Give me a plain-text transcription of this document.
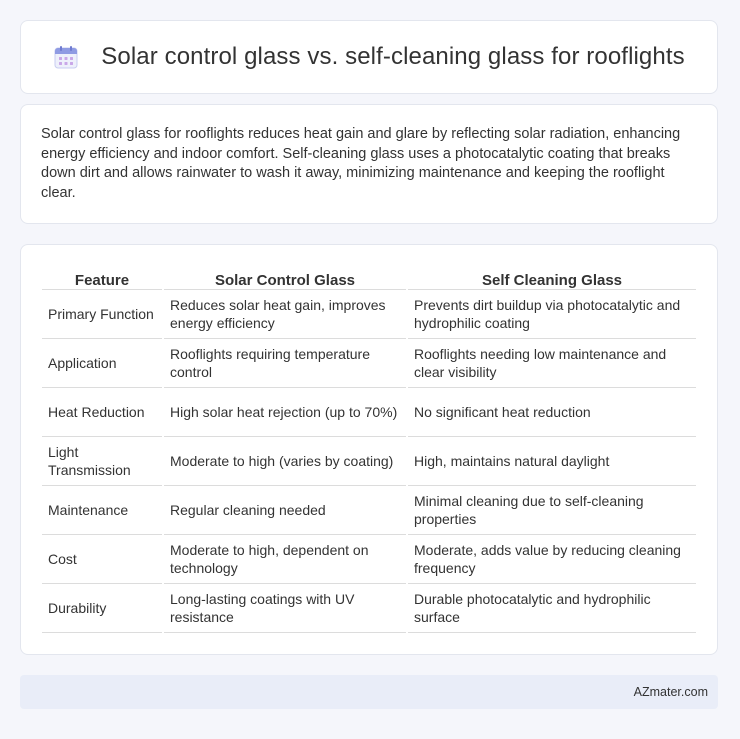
Solar control glass vs. self-cleaning glass for rooflights

Solar control glass for rooflights reduces heat gain and glare by reflecting solar radiation, enhancing energy efficiency and indoor comfort. Self-cleaning glass uses a photocatalytic coating that breaks down dirt and allows rainwater to wash it away, minimizing maintenance and keeping the rooflight clear.

Feature	Solar Control Glass	Self Cleaning Glass
Primary Function	Reduces solar heat gain, improves energy efficiency	Prevents dirt buildup via photocatalytic and hydrophilic coating
Application	Rooflights requiring temperature control	Rooflights needing low maintenance and clear visibility
Heat Reduction	High solar heat rejection (up to 70%)	No significant heat reduction
Light Transmission	Moderate to high (varies by coating)	High, maintains natural daylight
Maintenance	Regular cleaning needed	Minimal cleaning due to self-cleaning properties
Cost	Moderate to high, dependent on technology	Moderate, adds value by reducing cleaning frequency
Durability	Long-lasting coatings with UV resistance	Durable photocatalytic and hydrophilic surface
AZmater.com
